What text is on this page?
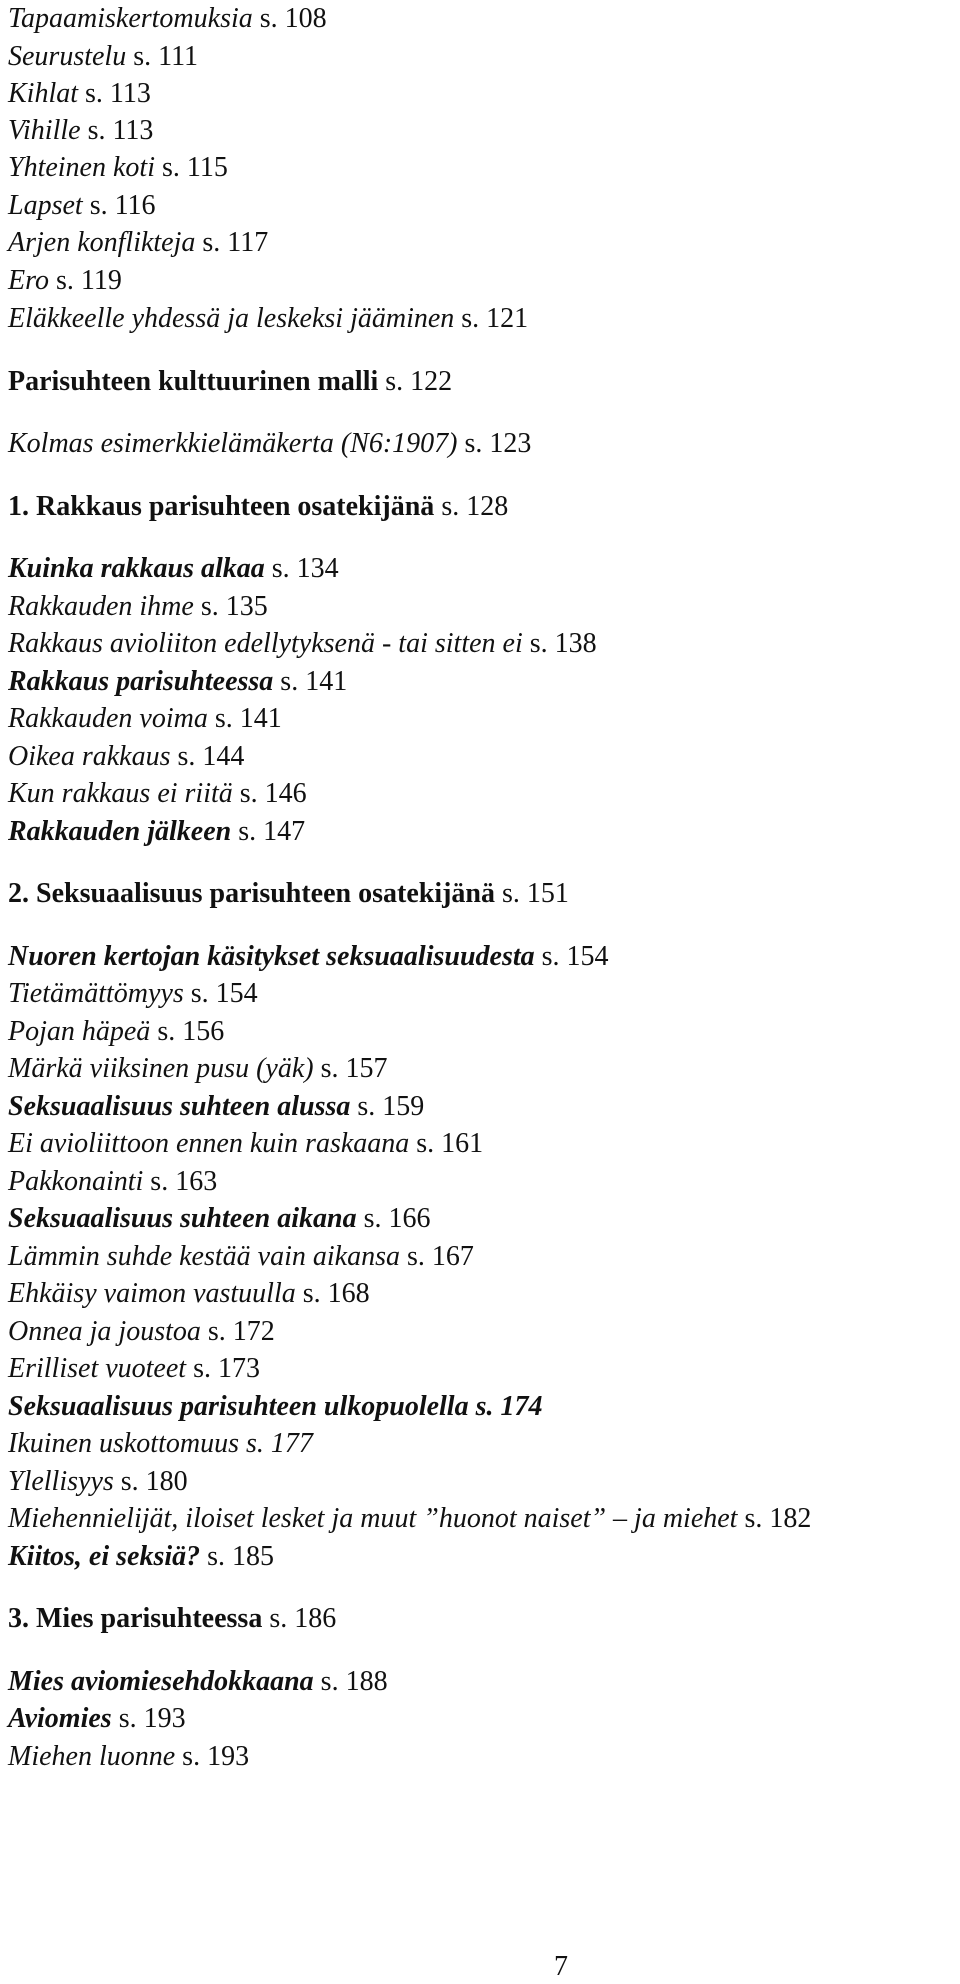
Tapaamiskertomuksia s. 108
Seurustelu s. 111
Kihlat s. 113
Vihille s. 113
Yhteinen koti s. 115
Lapset s. 116
Arjen konflikteja s. 117
Ero s. 119
Eläkkeelle yhdessä ja leskeksi jääminen s. 121
Parisuhteen kulttuurinen malli s. 122
Kolmas esimerkkielämäkerta (N6:1907) s. 123
1. Rakkaus parisuhteen osatekijänä s. 128
Kuinka rakkaus alkaa s. 134
Rakkauden ihme s. 135
Rakkaus avioliiton edellytyksenä - tai sitten ei s. 138
Rakkaus parisuhteessa s. 141
Rakkauden voima s. 141
Oikea rakkaus s. 144
Kun rakkaus ei riitä s. 146
Rakkauden jälkeen s. 147
2. Seksuaalisuus parisuhteen osatekijänä s. 151
Nuoren kertojan käsitykset seksuaalisuudesta s. 154
Tietämättömyys s. 154
Pojan häpeä s. 156
Märkä viiksinen pusu (yäk) s. 157
Seksuaalisuus suhteen alussa s. 159
Ei avioliittoon ennen kuin raskaana s. 161
Pakkonainti s. 163
Seksuaalisuus suhteen aikana s. 166
Lämmin suhde kestää vain aikansa s. 167
Ehkäisy vaimon vastuulla s. 168
Onnea ja joustoa s. 172
Erilliset vuoteet s. 173
Seksuaalisuus parisuhteen ulkopuolella s. 174
Ikuinen uskottomuus s. 177
Ylellisyys s. 180
Miehennielijät, iloiset lesket ja muut ”huonot naiset” – ja miehet s. 182
Kiitos, ei seksiä? s. 185
3. Mies parisuhteessa s. 186
Mies aviomiesehdokkaana s. 188
Aviomies s. 193
Miehen luonne s. 193
7
